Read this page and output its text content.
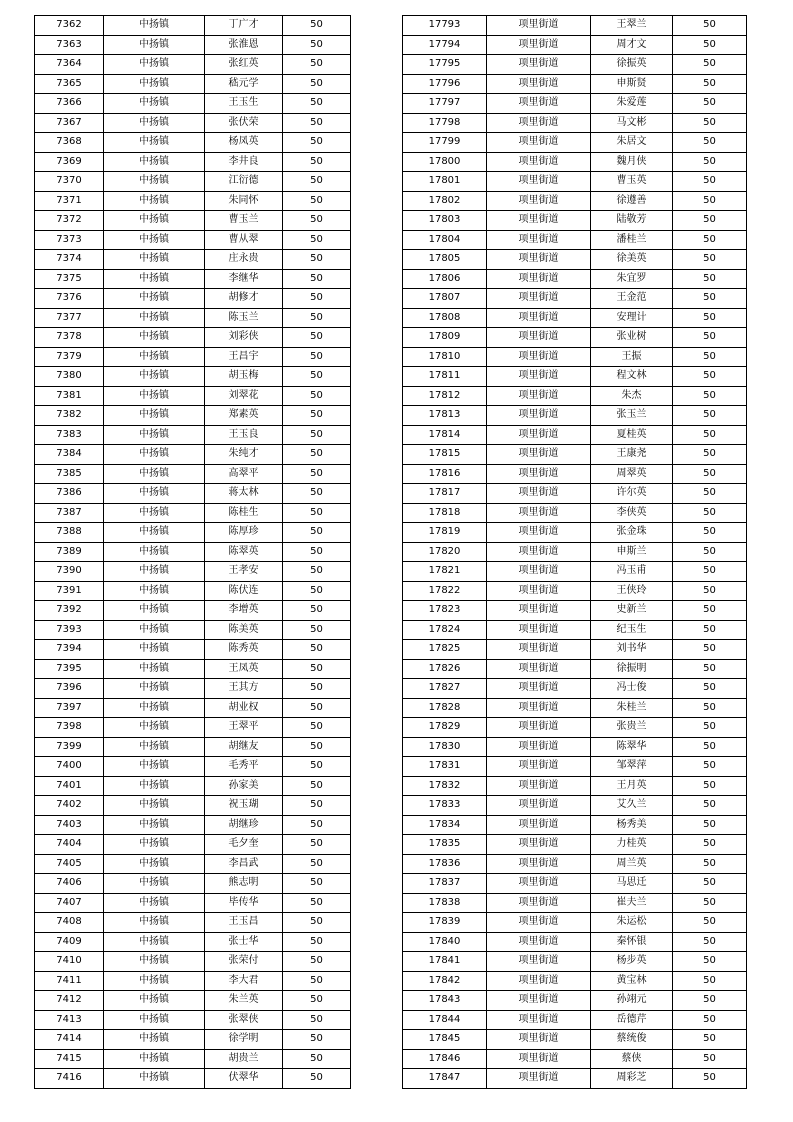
7362	中扬镇	丁广才	50
7363	中扬镇	张淮恩	50
7364	中扬镇	张红英	50
7365	中扬镇	嵇元学	50
7366	中扬镇	王玉生	50
7367	中扬镇	张伏荣	50
7368	中扬镇	杨凤英	50
7369	中扬镇	李井良	50
7370	中扬镇	江衍德	50
7371	中扬镇	朱同怀	50
7372	中扬镇	曹玉兰	50
7373	中扬镇	曹从翠	50
7374	中扬镇	庄永贵	50
7375	中扬镇	李继华	50
7376	中扬镇	胡修才	50
7377	中扬镇	陈玉兰	50
7378	中扬镇	刘彩侠	50
7379	中扬镇	王昌宇	50
7380	中扬镇	胡玉梅	50
7381	中扬镇	刘翠花	50
7382	中扬镇	郑素英	50
7383	中扬镇	王玉良	50
7384	中扬镇	朱纯才	50
7385	中扬镇	高翠平	50
7386	中扬镇	蒋太林	50
7387	中扬镇	陈桂生	50
7388	中扬镇	陈厚珍	50
7389	中扬镇	陈翠英	50
7390	中扬镇	王孝安	50
7391	中扬镇	陈伏连	50
7392	中扬镇	李增英	50
7393	中扬镇	陈美英	50
7394	中扬镇	陈秀英	50
7395	中扬镇	王凤英	50
7396	中扬镇	王其方	50
7397	中扬镇	胡业权	50
7398	中扬镇	王翠平	50
7399	中扬镇	胡继友	50
7400	中扬镇	毛秀平	50
7401	中扬镇	孙家美	50
7402	中扬镇	祝玉瑚	50
7403	中扬镇	胡继珍	50
7404	中扬镇	毛夕奎	50
7405	中扬镇	李昌武	50
7406	中扬镇	熊志明	50
7407	中扬镇	毕传华	50
7408	中扬镇	王玉昌	50
7409	中扬镇	张士华	50
7410	中扬镇	张荣付	50
7411	中扬镇	李大君	50
7412	中扬镇	朱兰英	50
7413	中扬镇	张翠侠	50
7414	中扬镇	徐学明	50
7415	中扬镇	胡贵兰	50
7416	中扬镇	伏翠华	50
17793	项里街道	王翠兰	50
17794	项里街道	周才文	50
17795	项里街道	徐振英	50
17796	项里街道	申斯贤	50
17797	项里街道	朱爱莲	50
17798	项里街道	马文彬	50
17799	项里街道	朱居文	50
17800	项里街道	魏月侠	50
17801	项里街道	曹玉英	50
17802	项里街道	徐遵善	50
17803	项里街道	陆敬芳	50
17804	项里街道	潘桂兰	50
17805	项里街道	徐美英	50
17806	项里街道	朱宜罗	50
17807	项里街道	王金范	50
17808	项里街道	安理计	50
17809	项里街道	张业树	50
17810	项里街道	王振	50
17811	项里街道	程文林	50
17812	项里街道	朱杰	50
17813	项里街道	张玉兰	50
17814	项里街道	夏桂英	50
17815	项里街道	王康尧	50
17816	项里街道	周翠英	50
17817	项里街道	许尔英	50
17818	项里街道	李侠英	50
17819	项里街道	张金珠	50
17820	项里街道	申斯兰	50
17821	项里街道	冯玉甫	50
17822	项里街道	王侠玲	50
17823	项里街道	史新兰	50
17824	项里街道	纪玉生	50
17825	项里街道	刘书华	50
17826	项里街道	徐振明	50
17827	项里街道	冯士俊	50
17828	项里街道	朱桂兰	50
17829	项里街道	张贵兰	50
17830	项里街道	陈翠华	50
17831	项里街道	邹翠萍	50
17832	项里街道	王月英	50
17833	项里街道	艾久兰	50
17834	项里街道	杨秀美	50
17835	项里街道	力桂英	50
17836	项里街道	周兰英	50
17837	项里街道	马思迁	50
17838	项里街道	崔夫兰	50
17839	项里街道	朱运松	50
17840	项里街道	秦怀银	50
17841	项里街道	杨步英	50
17842	项里街道	黄宝林	50
17843	项里街道	孙翊元	50
17844	项里街道	岳德芹	50
17845	项里街道	蔡统俊	50
17846	项里街道	蔡侠	50
17847	项里街道	周彩芝	50
